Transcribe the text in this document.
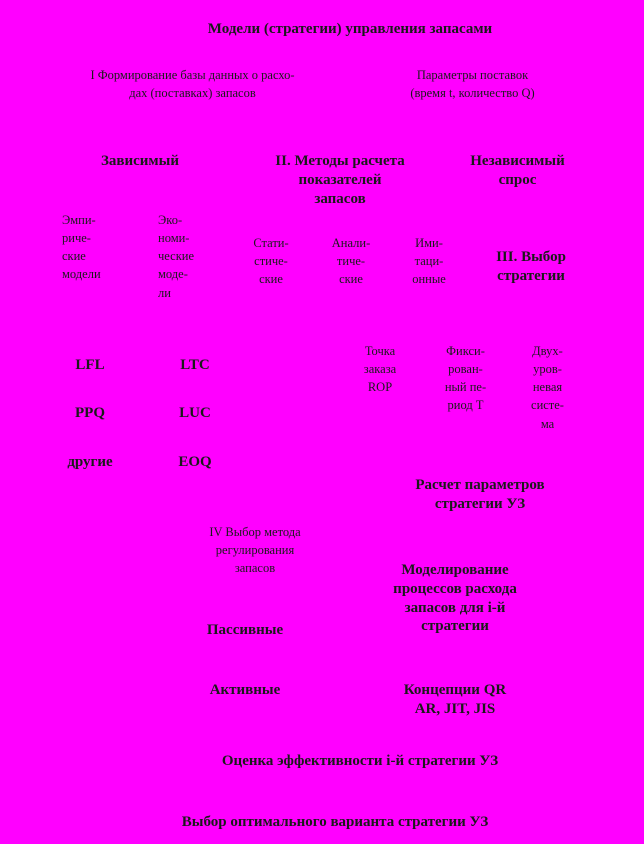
Модели (стратегии) управления запасами
I Формирование базы данных о расхо-
дах (поставках) запасов
Параметры поставок
(время t, количество Q)
Зависимый	II. Методы расчета
показателей
запасов
Независимый
спрос
Эмпи-
риче-
ские
модели
Эко-
номи-
ческие
моде-
ли
Стати-
стиче-
ские
Анали-
тиче-
ские
Ими-
таци-
онные
III. Выбор
стратегии
Точка
заказа
ROP
Фикси-
рован-
ный пе-
риод T
Двух-
уров-
невая
систе-
ма
LFL
PPQ
другие
LTC
LUC
EOQ
Расчет параметров
стратегии УЗ
IV Выбор метода
регулирования
запасов	Моделирование
процессов расхода
запасов для i-й
стратегии
Пассивные
Активные	Концепции QR
AR, JIT, JIS
Оценка эффективности i-й стратегии УЗ
Выбор оптимального варианта стратегии УЗ
